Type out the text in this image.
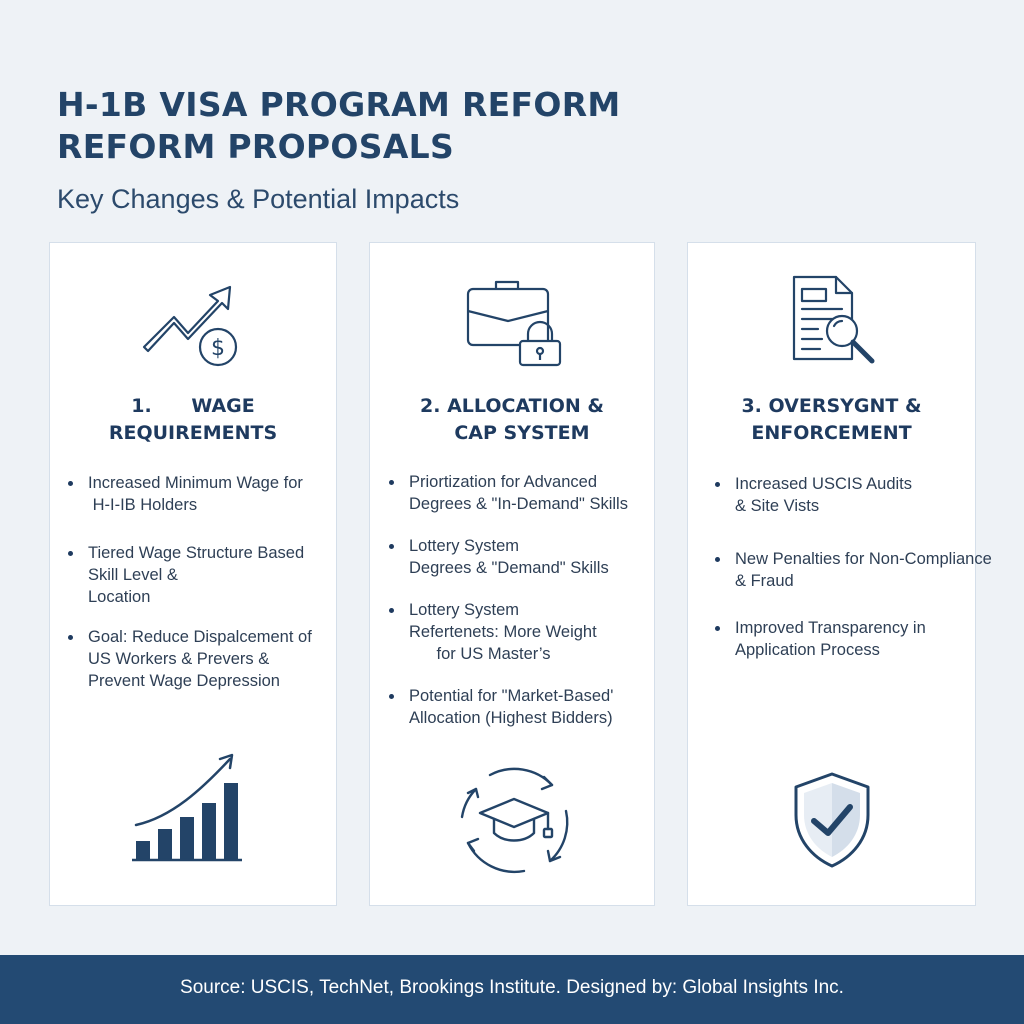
H-1B VISA PROGRAM REFORM
REFORM PROPOSALS
Key Changes & Potential Impacts
$
1.      WAGE
REQUIREMENTS
Increased Minimum Wage for
H-I-IB Holders
Tiered Wage Structure Based
Skill Level &
Location
Goal: Reduce Dispalcement of
US Workers & Prevers &
Prevent Wage Depression
2. ALLOCATION &
CAP SYSTEM
Priortization for Advanced
Degrees & "In-Demand" Skills
Lottery System
Degrees & "Demand" Skills
Lottery System
Refertenets: More Weight
for US Master’s
Potential for "Market-Based'
Allocation (Highest Bidders)
3. OVERSYGNT &
ENFORCEMENT
Increased USCIS Audits
& Site Vists
New Penalties for Non-Compliance
& Fraud
Improved Transparency in
Application Process
Source: USCIS, TechNet, Brookings Institute. Designed by: Global Insights Inc.
